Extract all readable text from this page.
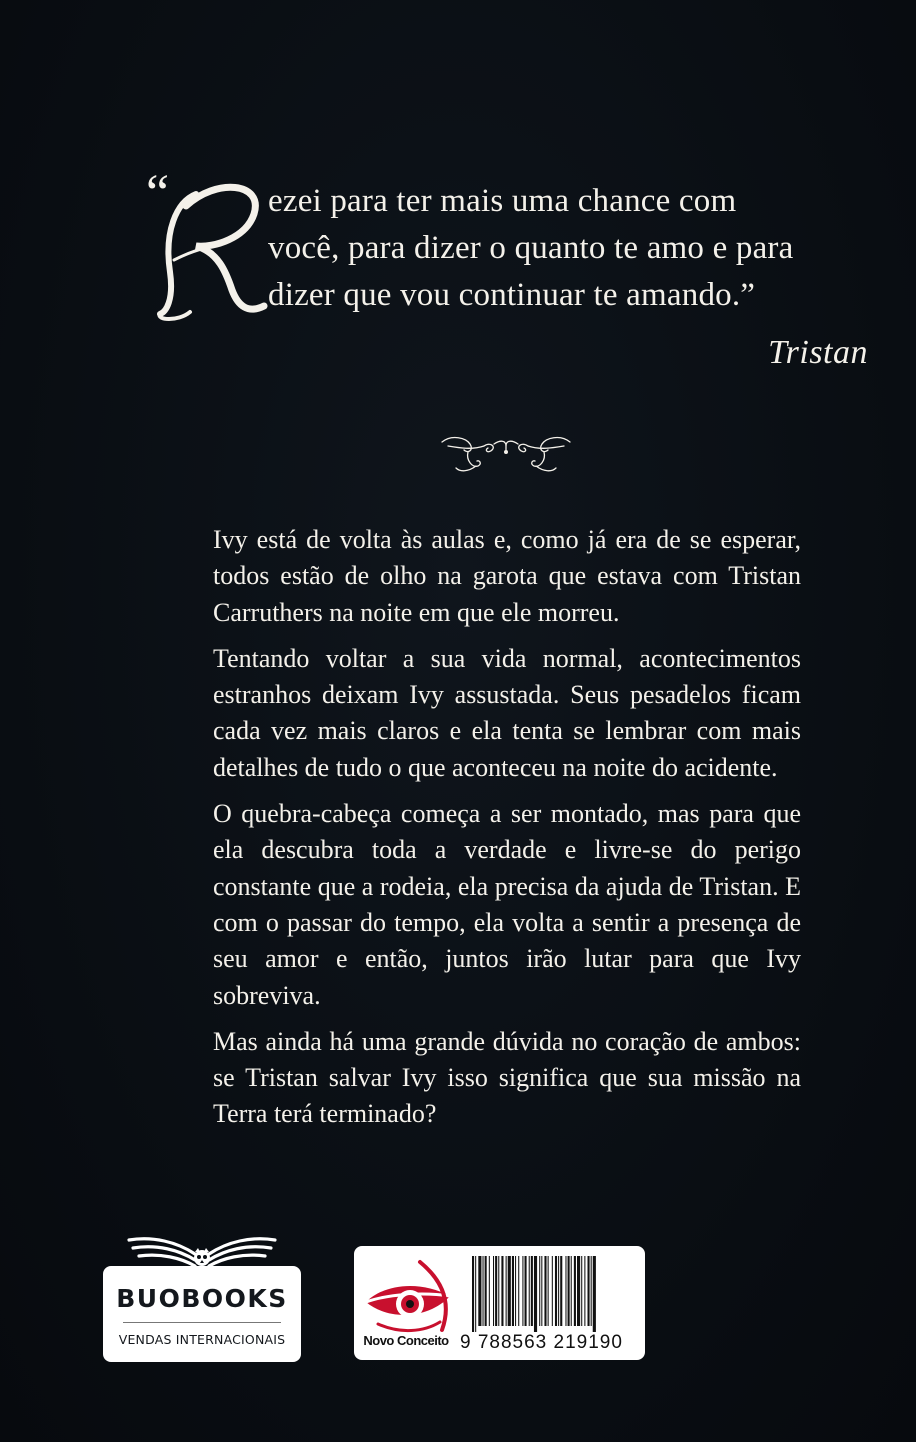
“
R
ezei para ter mais uma chance com
você, para dizer o quanto te amo e para
dizer que vou continuar te amando.”
Tristan

Ivy está de volta às aulas e, como já era de se esperar, todos estão de olho na garota que estava com Tristan Carruthers na noite em que ele morreu.

Tentando voltar a sua vida normal, acontecimentos estranhos deixam Ivy assustada. Seus pesadelos ficam cada vez mais claros e ela tenta se lembrar com mais detalhes de tudo o que aconteceu na noite do acidente.

O quebra-cabeça começa a ser montado, mas para que ela descubra toda a verdade e livre-se do perigo constante que a rodeia, ela precisa da ajuda de Tristan. E com o passar do tempo, ela volta a sentir a presença de seu amor e então, juntos irão lutar para que Ivy sobreviva.

Mas ainda há uma grande dúvida no coração de ambos: se Tristan salvar Ivy isso significa que sua missão na Terra terá terminado?

BUOBOOKS
VENDAS INTERNACIONAIS	Novo Conceito 9 788563 219190
